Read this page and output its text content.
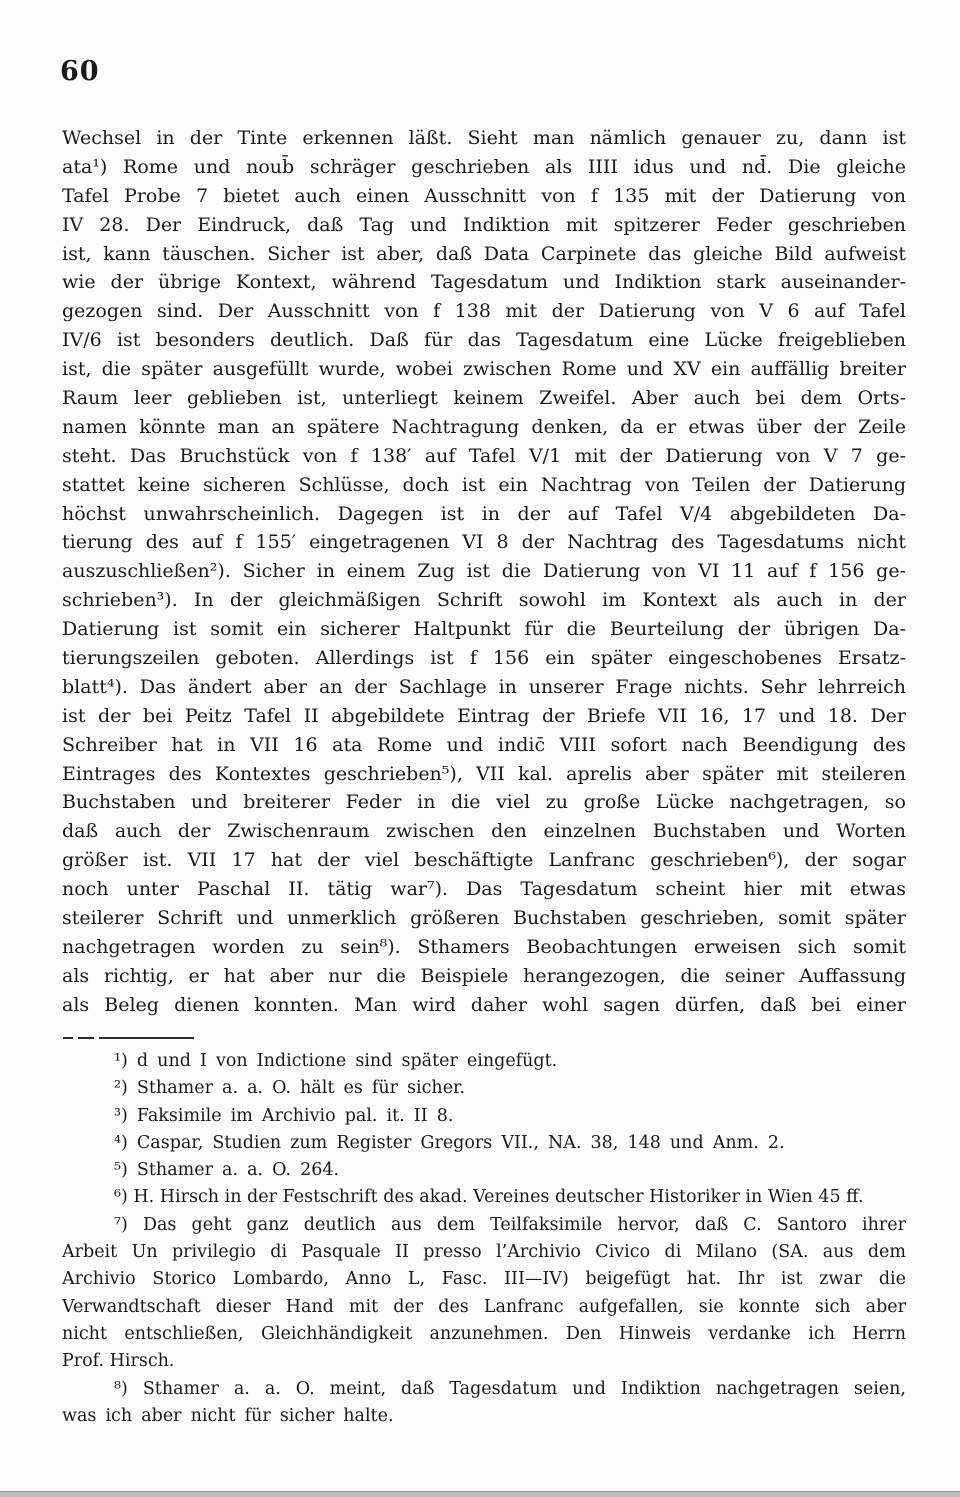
60
Wechsel in der Tinte erkennen läßt. Sieht man nämlich genauer zu, dann ist
ata¹) Rome und noub̄ schräger geschrieben als IIII idus und nd̄. Die gleiche
Tafel Probe 7 bietet auch einen Ausschnitt von f 135 mit der Datierung von
IV 28. Der Eindruck, daß Tag und Indiktion mit spitzerer Feder geschrieben
ist, kann täuschen. Sicher ist aber, daß Data Carpinete das gleiche Bild aufweist
wie der übrige Kontext, während Tagesdatum und Indiktion stark auseinander-
gezogen sind. Der Ausschnitt von f 138 mit der Datierung von V 6 auf Tafel
IV/6 ist besonders deutlich. Daß für das Tagesdatum eine Lücke freigeblieben
ist, die später ausgefüllt wurde, wobei zwischen Rome und XV ein auffällig breiter
Raum leer geblieben ist, unterliegt keinem Zweifel. Aber auch bei dem Orts-
namen könnte man an spätere Nachtragung denken, da er etwas über der Zeile
steht. Das Bruchstück von f 138′ auf Tafel V/1 mit der Datierung von V 7 ge-
stattet keine sicheren Schlüsse, doch ist ein Nachtrag von Teilen der Datierung
höchst unwahrscheinlich. Dagegen ist in der auf Tafel V/4 abgebildeten Da-
tierung des auf f 155′ eingetragenen VI 8 der Nachtrag des Tagesdatums nicht
auszuschließen²). Sicher in einem Zug ist die Datierung von VI 11 auf f 156 ge-
schrieben³). In der gleichmäßigen Schrift sowohl im Kontext als auch in der
Datierung ist somit ein sicherer Haltpunkt für die Beurteilung der übrigen Da-
tierungszeilen geboten. Allerdings ist f 156 ein später eingeschobenes Ersatz-
blatt⁴). Das ändert aber an der Sachlage in unserer Frage nichts. Sehr lehrreich
ist der bei Peitz Tafel II abgebildete Eintrag der Briefe VII 16, 17 und 18. Der
Schreiber hat in VII 16 ata Rome und indic̄ VIII sofort nach Beendigung des
Eintrages des Kontextes geschrieben⁵), VII kal. aprelis aber später mit steileren
Buchstaben und breiterer Feder in die viel zu große Lücke nachgetragen, so
daß auch der Zwischenraum zwischen den einzelnen Buchstaben und Worten
größer ist. VII 17 hat der viel beschäftigte Lanfranc geschrieben⁶), der sogar
noch unter Paschal II. tätig war⁷). Das Tagesdatum scheint hier mit etwas
steilerer Schrift und unmerklich größeren Buchstaben geschrieben, somit später
nachgetragen worden zu sein⁸). Sthamers Beobachtungen erweisen sich somit
als richtig, er hat aber nur die Beispiele herangezogen, die seiner Auffassung
als Beleg dienen konnten. Man wird daher wohl sagen dürfen, daß bei einer
¹) d und I von Indictione sind später eingefügt.
²) Sthamer a. a. O. hält es für sicher.
³) Faksimile im Archivio pal. it. II 8.
⁴) Caspar, Studien zum Register Gregors VII., NA. 38, 148 und Anm. 2.
⁵) Sthamer a. a. O. 264.
⁶) H. Hirsch in der Festschrift des akad. Vereines deutscher Historiker in Wien 45 ff.
⁷) Das geht ganz deutlich aus dem Teilfaksimile hervor, daß C. Santoro ihrer
Arbeit Un privilegio di Pasquale II presso l’Archivio Civico di Milano (SA. aus dem
Archivio Storico Lombardo, Anno L, Fasc. III—IV) beigefügt hat. Ihr ist zwar die
Verwandtschaft dieser Hand mit der des Lanfranc aufgefallen, sie konnte sich aber
nicht entschließen, Gleichhändigkeit anzunehmen. Den Hinweis verdanke ich Herrn
Prof. Hirsch.
⁸) Sthamer a. a. O. meint, daß Tagesdatum und Indiktion nachgetragen seien,
was ich aber nicht für sicher halte.
